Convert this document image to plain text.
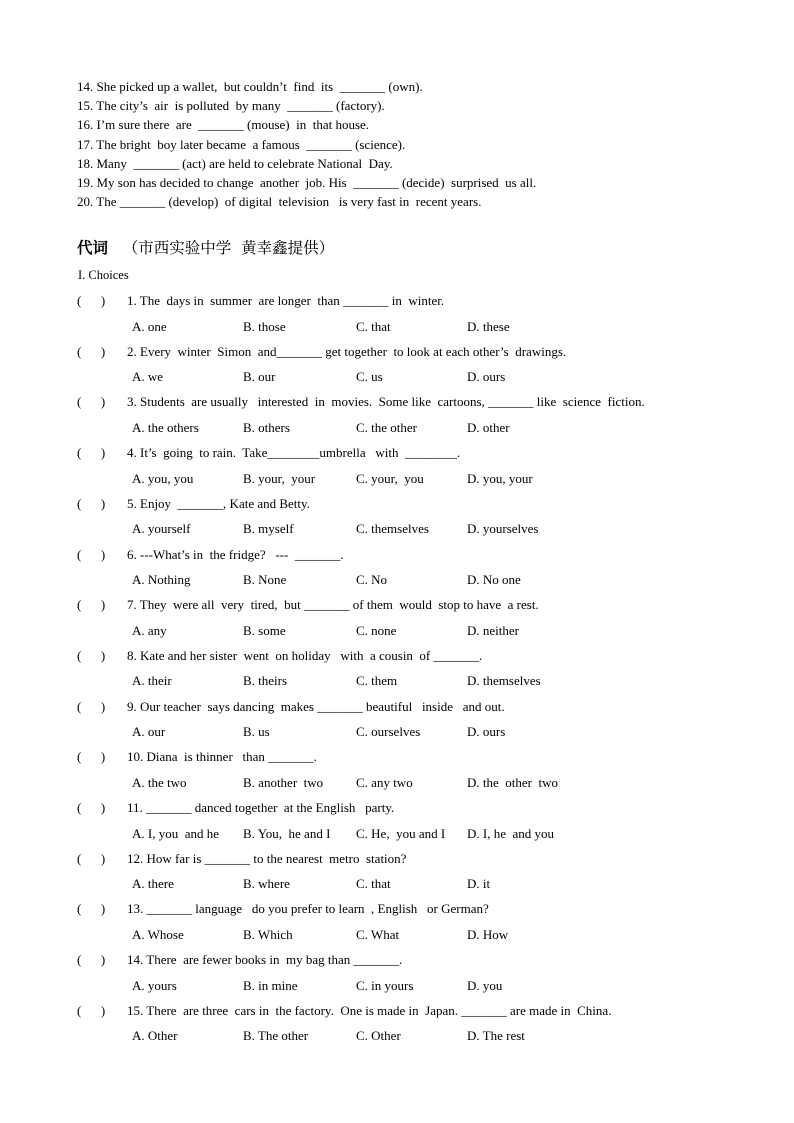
14. She picked up a wallet,  but couldn’t  find  its  _______ (own).
15. The city’s  air  is polluted  by many  _______ (factory).
16. I’m sure there  are  _______ (mouse)  in  that house.
17. The bright  boy later became  a famous  _______ (science).
18. Many  _______ (act) are held to celebrate National  Day.
19. My son has decided to change  another  job. His  _______ (decide)  surprised  us all.
20. The _______ (develop)  of digital  television   is very fast in  recent years.
代词 （市西实验中学  黄幸鑫提供）
I. Choices
(      ) 1. The  days in  summer  are longer  than _______ in  winter.
A. one	B. those	C. that	D. these
(      ) 2. Every  winter  Simon  and_______ get together  to look at each other’s  drawings.
A. we	B. our	C. us	D. ours
(      ) 3. Students  are usually   interested  in  movies.  Some like  cartoons, _______ like  science  fiction.
A. the others	B. others	C. the other	D. other
(      ) 4. It’s  going  to rain.  Take________umbrella   with  ________.
A. you, you	B. your,  your	C. your,  you	D. you, your
(      ) 5. Enjoy  _______, Kate and Betty.
A. yourself	B. myself	C. themselves	D. yourselves
(      ) 6. ---What’s in  the fridge?   ---  _______.
A. Nothing	B. None	C. No	D. No one
(      ) 7. They  were all  very  tired,  but _______ of them  would  stop to have  a rest.
A. any	B. some	C. none	D. neither
(      ) 8. Kate and her sister  went  on holiday   with  a cousin  of _______.
A. their	B. theirs	C. them	D. themselves
(      ) 9. Our teacher  says dancing  makes _______ beautiful   inside   and out.
A. our	B. us	C. ourselves	D. ours
(      ) 10. Diana  is thinner   than _______.
A. the two	B. another  two	C. any two	D. the  other  two
(      ) 11. _______ danced together  at the English   party.
A. I, you  and he B. You,  he and I C. He,  you and I D. I, he  and you
(      ) 12. How far is _______ to the nearest  metro  station?
A. there	B. where	C. that	D. it
(      ) 13. _______ language   do you prefer to learn  , English   or German?
A. Whose	B. Which	C. What	D. How
(      ) 14. There  are fewer books in  my bag than _______.
A. yours	B. in mine	C. in yours	D. you
(      ) 15. There  are three  cars in  the factory.  One is made in  Japan. _______ are made in  China.
A. Other	B. The other	C. Other	D. The rest
